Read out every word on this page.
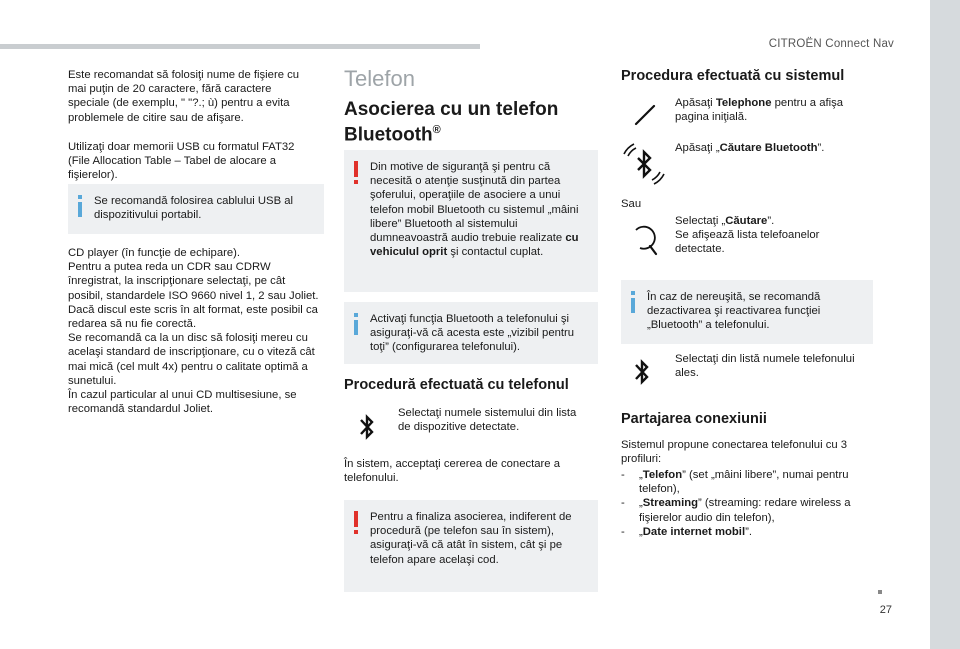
CITROËN Connect Nav
27

Este recomandat să folosiţi nume de fişiere cu mai puţin de 20 caractere, fără caractere speciale (de exemplu, " "?.; ù) pentru a evita problemele de citire sau de afişare.

Utilizaţi doar memorii USB cu formatul FAT32 (File Allocation Table – Tabel de alocare a fişierelor).

Se recomandă folosirea cablului USB al dispozitivului portabil.

CD player (în funcţie de echipare).

Pentru a putea reda un CDR sau CDRW înregistrat, la inscripţionare selectaţi, pe cât posibil, standardele ISO 9660 nivel 1, 2 sau Joliet.

Dacă discul este scris în alt format, este posibil ca redarea să nu fie corectă.

Se recomandă ca la un disc să folosiţi mereu cu acelaşi standard de inscripţionare, cu o viteză cât mai mică (cel mult 4x) pentru o calitate optimă a sunetului.

În cazul particular al unui CD multisesiune, se recomandă standardul Joliet.

Telefon
Asocierea cu un telefon Bluetooth®

Din motive de siguranţă şi pentru că necesită o atenţie susţinută din partea şoferului, operaţiile de asociere a unui telefon mobil Bluetooth cu sistemul „mâini libere” Bluetooth al sistemului dumneavoastră audio trebuie realizate cu vehiculul oprit şi contactul cuplat.

Activaţi funcţia Bluetooth a telefonului şi asiguraţi-vă că acesta este „vizibil pentru toţi” (configurarea telefonului).

Procedură efectuată cu telefonul

Selectaţi numele sistemului din lista de dispozitive detectate.

În sistem, acceptaţi cererea de conectare a telefonului.

Pentru a finaliza asocierea, indiferent de procedură (pe telefon sau în sistem), asiguraţi-vă că atât în sistem, cât şi pe telefon apare acelaşi cod.

Procedura efectuată cu sistemul

Apăsaţi Telephone pentru a afişa pagina iniţială.

Apăsaţi „Căutare Bluetooth”.

Sau

Selectaţi „Căutare”.

Se afişează lista telefoanelor detectate.

În caz de nereuşită, se recomandă dezactivarea şi reactivarea funcţiei „Bluetooth” a telefonului.

Selectaţi din listă numele telefonului ales.

Partajarea conexiunii

Sistemul propune conectarea telefonului cu 3 profiluri:

- „Telefon” (set „mâini libere”, numai pentru telefon),

- „Streaming” (streaming: redare wireless a fişierelor audio din telefon),

- „Date internet mobil”.
